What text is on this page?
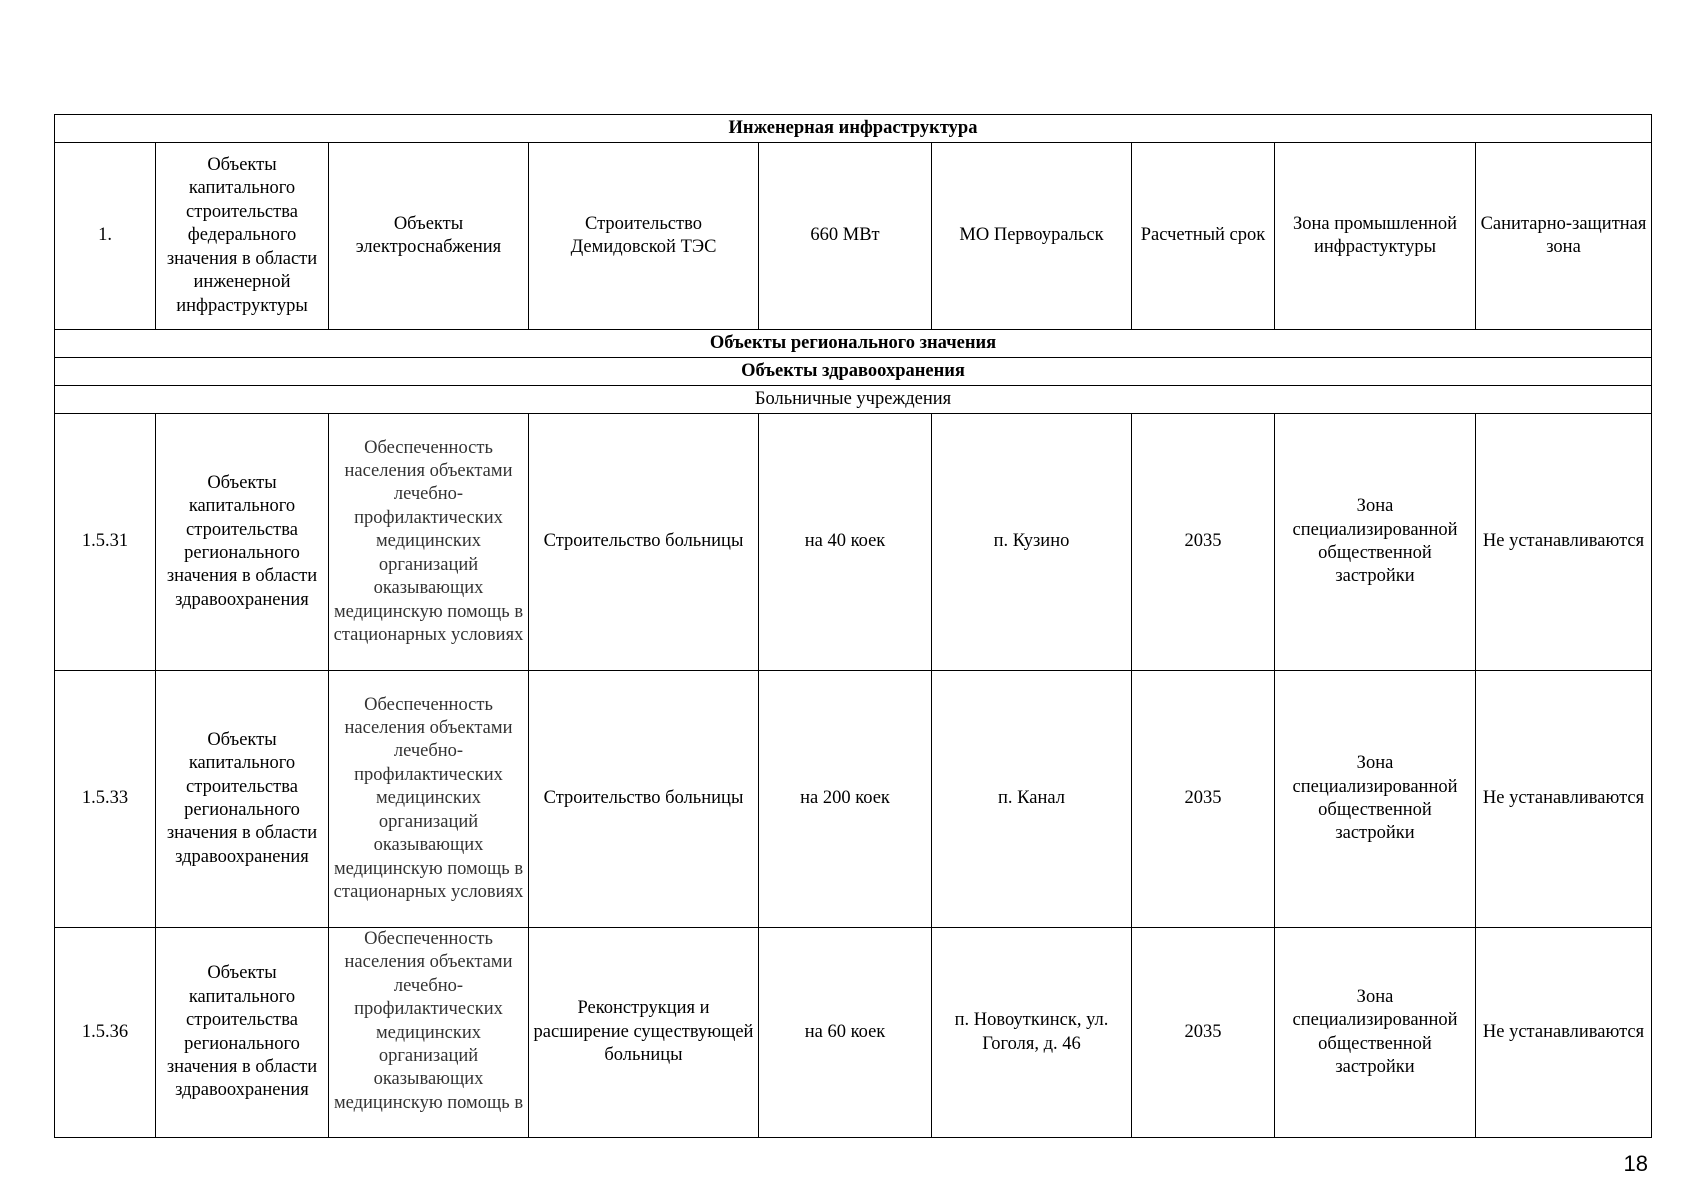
Инженерная инфраструктура								
1.	Объекты капитального строительства федерального значения в области инженерной инфраструктуры	Объекты электроснабжения	Строительство Демидовской ТЭС	660 МВт	МО Первоуральск	Расчетный срок	Зона промышленной инфрастуктуры	Санитарно-защитная зона
Объекты регионального значения								
Объекты здравоохранения								
Больничные учреждения								
1.5.31	Объекты капитального строительства регионального значения в области здравоохранения	Обеспеченность населения объектами лечебно-профилактических медицинских организаций оказывающих медицинскую помощь в стационарных условиях	Строительство больницы	на 40 коек	п. Кузино	2035	Зона специализированной общественной застройки	Не устанавливаются
1.5.33	Объекты капитального строительства регионального значения в области здравоохранения	Обеспеченность населения объектами лечебно-профилактических медицинских организаций оказывающих медицинскую помощь в стационарных условиях	Строительство больницы	на 200 коек	п. Канал	2035	Зона специализированной общественной застройки	Не устанавливаются
1.5.36	Объекты капитального строительства регионального значения в области здравоохранения	Обеспеченность населения объектами лечебно-профилактических медицинских организаций оказывающих медицинскую помощь в	Реконструкция и расширение существующей больницы	на 60 коек	п. Новоуткинск, ул. Гоголя, д. 46	2035	Зона специализированной общественной застройки	Не устанавливаются
18
